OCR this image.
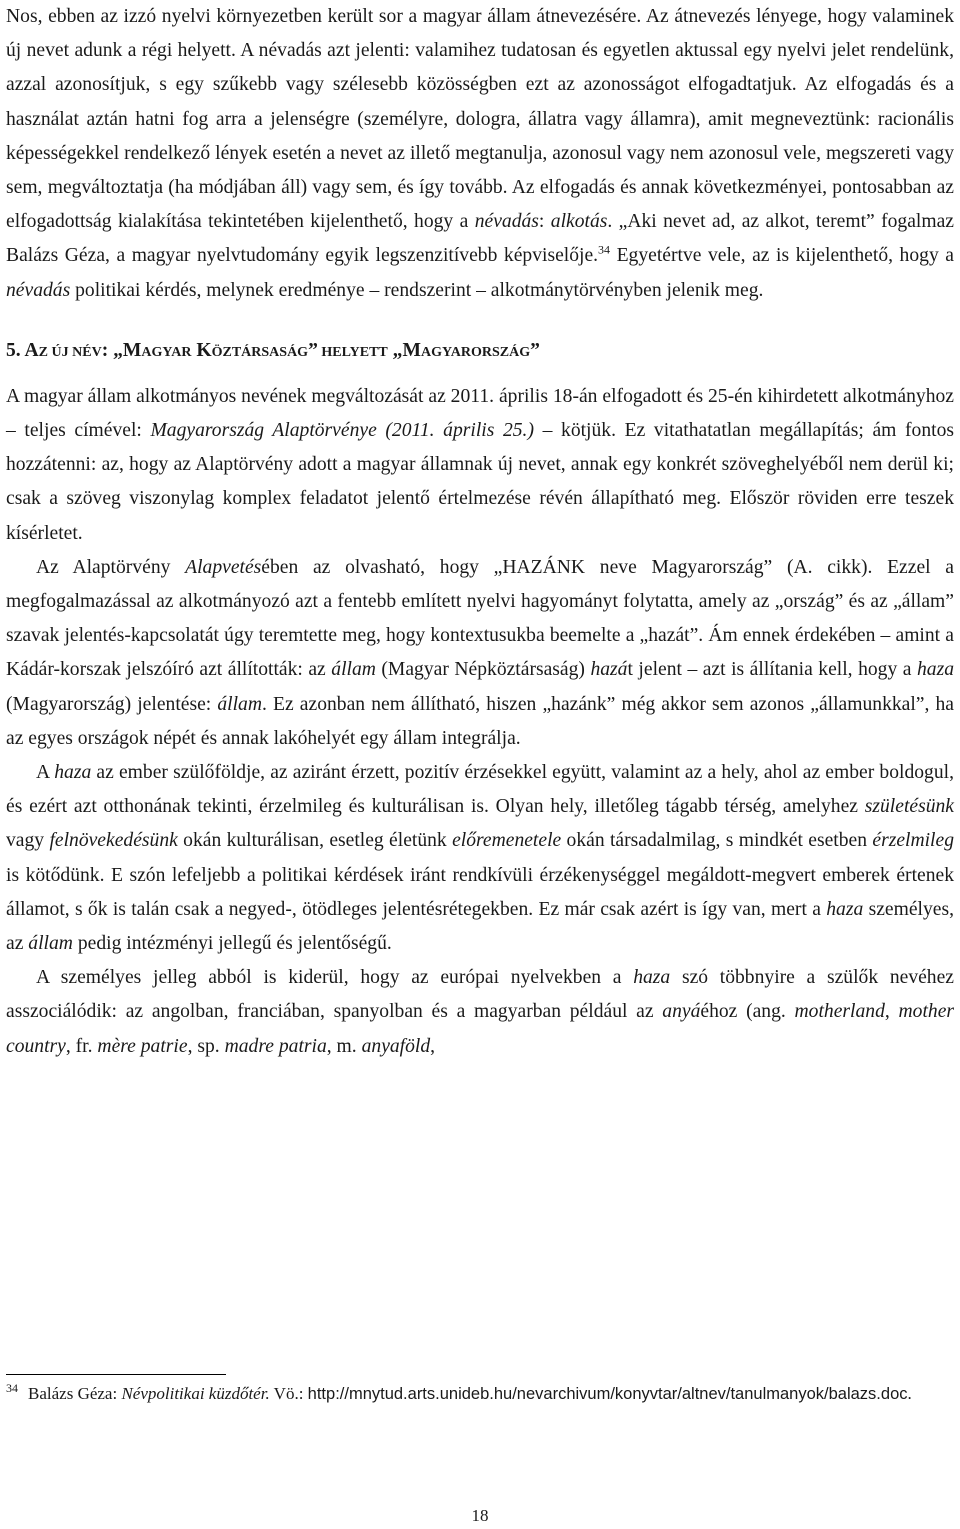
Nos, ebben az izzó nyelvi környezetben került sor a magyar állam átnevezésére. Az átnevezés lényege, hogy valaminek új nevet adunk a régi helyett. A névadás azt jelenti: valamihez tudatosan és egyetlen aktussal egy nyelvi jelet rendelünk, azzal azonosítjuk, s egy szűkebb vagy szélesebb közösségben ezt az azonosságot elfogadtatjuk. Az elfogadás és a használat aztán hatni fog arra a jelenségre (személyre, dologra, állatra vagy államra), amit megneveztünk: racionális képességekkel rendelkező lények esetén a nevet az illető megtanulja, azonosul vagy nem azonosul vele, megszereti vagy sem, megváltoztatja (ha módjában áll) vagy sem, és így tovább. Az elfogadás és annak következményei, pontosabban az elfogadottság kialakítása tekintetében kijelenthető, hogy a névadás: alkotás. „Aki nevet ad, az alkot, teremt” fogalmaz Balázs Géza, a magyar nyelvtudomány egyik legszenzitívebb képviselője.$^{34}$ Egyetértve vele, az is kijelenthető, hogy a névadás politikai kérdés, melynek eredménye – rendszerint – alkotmánytörvényben jelenik meg.

5. AZ ÚJ NÉV: „MAGYAR KÖZTÁRSASÁG” HELYETT „MAGYARORSZÁG”

A magyar állam alkotmányos nevének megváltozását az 2011. április 18-án elfogadott és 25-én kihirdetett alkotmányhoz – teljes címével: Magyarország Alaptörvénye (2011. április 25.) – kötjük. Ez vitathatatlan megállapítás; ám fontos hozzátenni: az, hogy az Alaptörvény adott a magyar államnak új nevet, annak egy konkrét szöveghelyéből nem derül ki; csak a szöveg viszonylag komplex feladatot jelentő értelmezése révén állapítható meg. Először röviden erre teszek kísérletet.

Az Alaptörvény Alapvetésében az olvasható, hogy „HAZÁNK neve Magyarország” (A. cikk). Ezzel a megfogalmazással az alkotmányozó azt a fentebb említett nyelvi hagyományt folytatta, amely az „ország” és az „állam” szavak jelentés-kapcsolatát úgy teremtette meg, hogy kontextusukba beemelte a „hazát”. Ám ennek érdekében – amint a Kádár-korszak jelszóíró azt állították: az állam (Magyar Népköztársaság) hazát jelent – azt is állítania kell, hogy a haza (Magyarország) jelentése: állam. Ez azonban nem állítható, hiszen „hazánk” még akkor sem azonos „államunkkal”, ha az egyes országok népét és annak lakóhelyét egy állam integrálja.

A haza az ember szülőföldje, az aziránt érzett, pozitív érzésekkel együtt, valamint az a hely, ahol az ember boldogul, és ezért azt otthonának tekinti, érzelmileg és kulturálisan is. Olyan hely, illetőleg tágabb térség, amelyhez születésünk vagy felnövekedésünk okán kulturálisan, esetleg életünk előremenetele okán társadalmilag, s mindkét esetben érzelmileg is kötődünk. E szón lefeljebb a politikai kérdések iránt rendkívüli érzékenységgel megáldott-megvert emberek értenek államot, s ők is talán csak a negyed-, ötödleges jelentésrétegekben. Ez már csak azért is így van, mert a haza személyes, az állam pedig intézményi jellegű és jelentőségű.

A személyes jelleg abból is kiderül, hogy az európai nyelvekben a haza szó többnyire a szülők nevéhez asszociálódik: az angolban, franciában, spanyolban és a magyarban például az anyáéhoz (ang. motherland, mother country, fr. mère patrie, sp. madre patria, m. anyaföld,

$^{34}$ Balázs Géza: Névpolitikai küzdőtér. Vö.: http://mnytud.arts.unideb.hu/nevarchivum/konyvtar/altnev/tanulmanyok/balazs.doc.
18
